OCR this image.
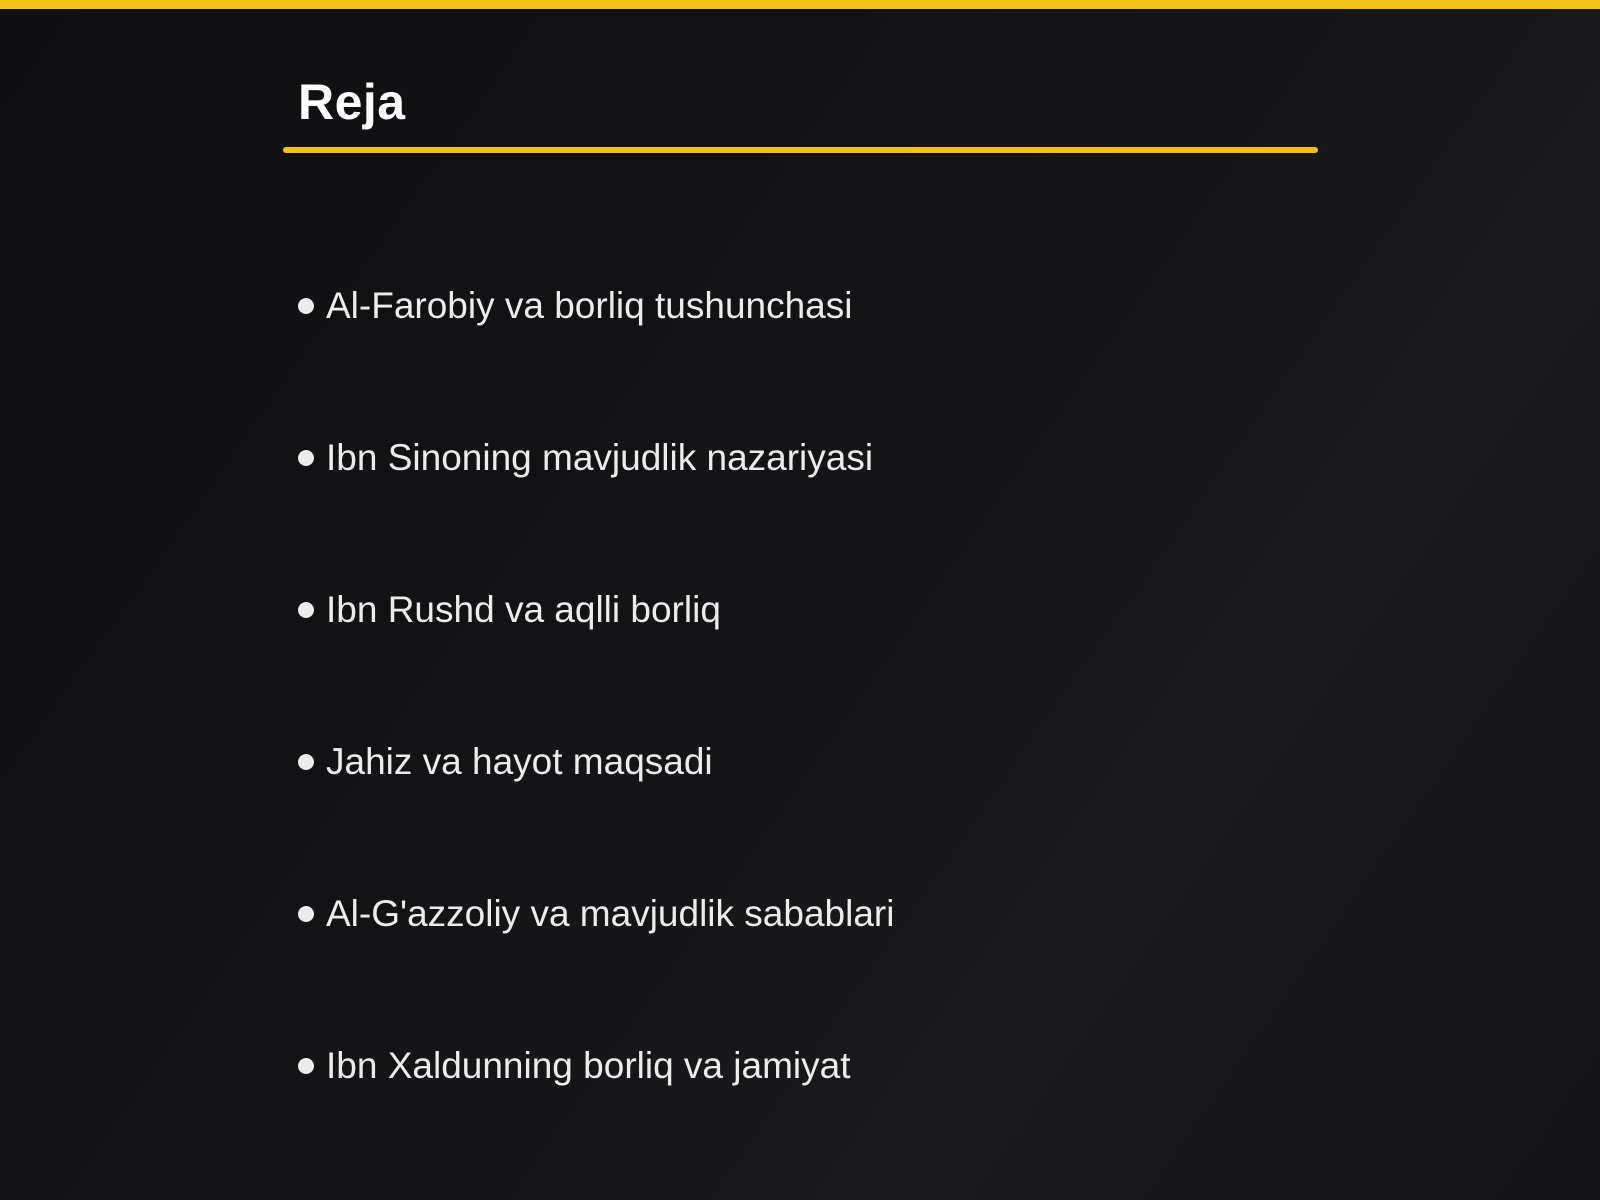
Reja
Al-Farobiy va borliq tushunchasi
Ibn Sinoning mavjudlik nazariyasi
Ibn Rushd va aqlli borliq
Jahiz va hayot maqsadi
Al-G'azzoliy va mavjudlik sabablari
Ibn Xaldunning borliq va jamiyat
